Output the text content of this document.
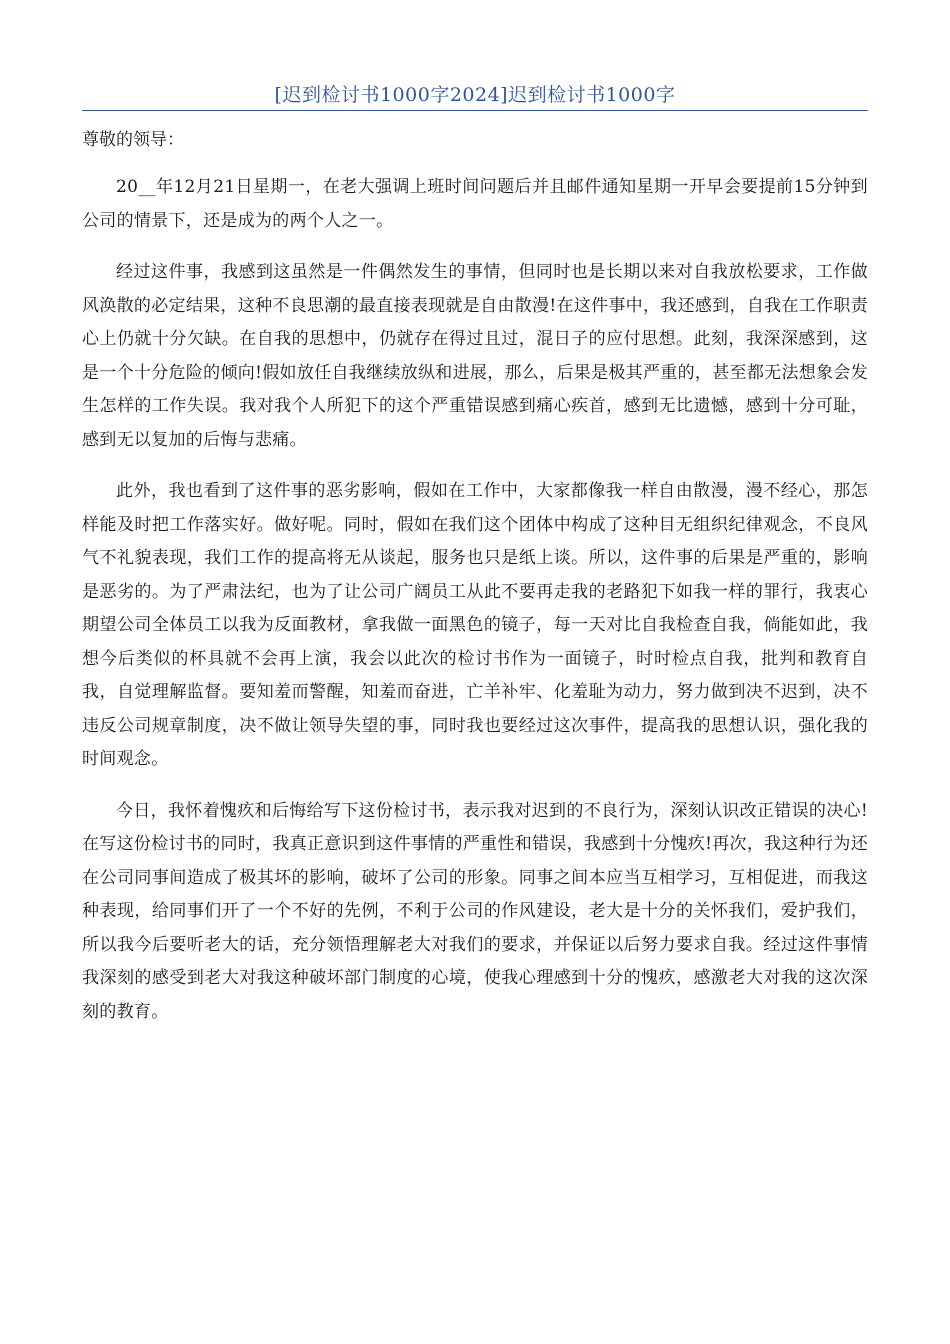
[迟到检讨书1000字2024]迟到检讨书1000字
尊敬的领导：

20__年12月21日星期一，在老大强调上班时间问题后并且邮件通知星期一开早会要提前15分钟到公司的情景下，还是成为的两个人之一。

经过这件事，我感到这虽然是一件偶然发生的事情，但同时也是长期以来对自我放松要求，工作做风涣散的必定结果，这种不良思潮的最直接表现就是自由散漫!在这件事中，我还感到，自我在工作职责心上仍就十分欠缺。在自我的思想中，仍就存在得过且过，混日子的应付思想。此刻，我深深感到，这是一个十分危险的倾向!假如放任自我继续放纵和进展，那么，后果是极其严重的，甚至都无法想象会发生怎样的工作失误。我对我个人所犯下的这个严重错误感到痛心疾首，感到无比遗憾，感到十分可耻，感到无以复加的后悔与悲痛。

此外，我也看到了这件事的恶劣影响，假如在工作中，大家都像我一样自由散漫，漫不经心，那怎样能及时把工作落实好。做好呢。同时，假如在我们这个团体中构成了这种目无组织纪律观念，不良风气不礼貌表现，我们工作的提高将无从谈起，服务也只是纸上谈。所以，这件事的后果是严重的，影响是恶劣的。为了严肃法纪，也为了让公司广阔员工从此不要再走我的老路犯下如我一样的罪行，我衷心期望公司全体员工以我为反面教材，拿我做一面黑色的镜子，每一天对比自我检查自我，倘能如此，我想今后类似的杯具就不会再上演，我会以此次的检讨书作为一面镜子，时时检点自我，批判和教育自我，自觉理解监督。要知羞而警醒，知羞而奋进，亡羊补牢、化羞耻为动力，努力做到决不迟到，决不违反公司规章制度，决不做让领导失望的事，同时我也要经过这次事件，提高我的思想认识，强化我的时间观念。

今日，我怀着愧疚和后悔给写下这份检讨书，表示我对迟到的不良行为，深刻认识改正错误的决心!在写这份检讨书的同时，我真正意识到这件事情的严重性和错误，我感到十分愧疚!再次，我这种行为还在公司同事间造成了极其坏的影响，破坏了公司的形象。同事之间本应当互相学习，互相促进，而我这种表现，给同事们开了一个不好的先例，不利于公司的作风建设，老大是十分的关怀我们，爱护我们，所以我今后要听老大的话，充分领悟理解老大对我们的要求，并保证以后努力要求自我。经过这件事情我深刻的感受到老大对我这种破坏部门制度的心境，使我心理感到十分的愧疚，感激老大对我的这次深刻的教育。
